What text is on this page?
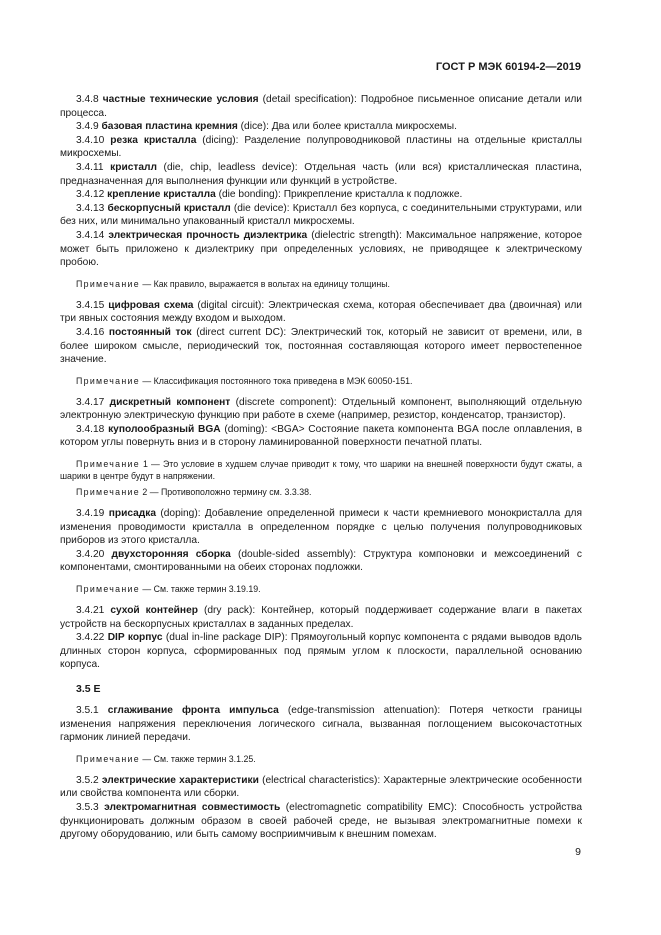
ГОСТ Р МЭК 60194-2—2019

3.4.8 частные технические условия (detail specification): Подробное письменное описание детали или процесса.

3.4.9 базовая пластина кремния (dice): Два или более кристалла микросхемы.

3.4.10 резка кристалла (dicing): Разделение полупроводниковой пластины на отдельные кристаллы микросхемы.

3.4.11 кристалл (die, chip, leadless device): Отдельная часть (или вся) кристаллическая пластина, предназначенная для выполнения функции или функций в устройстве.

3.4.12 крепление кристалла (die bonding): Прикрепление кристалла к подложке.

3.4.13 бескорпусный кристалл (die device): Кристалл без корпуса, с соединительными структурами, или без них, или минимально упакованный кристалл микросхемы.

3.4.14 электрическая прочность диэлектрика (dielectric strength): Максимальное напряжение, которое может быть приложено к диэлектрику при определенных условиях, не приводящее к электрическому пробою.

Примечание — Как правило, выражается в вольтах на единицу толщины.

3.4.15 цифровая схема (digital circuit): Электрическая схема, которая обеспечивает два (двоичная) или три явных состояния между входом и выходом.

3.4.16 постоянный ток (direct current DC): Электрический ток, который не зависит от времени, или, в более широком смысле, периодический ток, постоянная составляющая которого имеет первостепенное значение.

Примечание — Классификация постоянного тока приведена в МЭК 60050-151.

3.4.17 дискретный компонент (discrete component): Отдельный компонент, выполняющий отдельную электронную электрическую функцию при работе в схеме (например, резистор, конденсатор, транзистор).

3.4.18 куполообразный BGA (doming): <BGA> Состояние пакета компонента BGA после оплавления, в котором углы повернуть вниз и в сторону ламинированной поверхности печатной платы.

Примечание 1 — Это условие в худшем случае приводит к тому, что шарики на внешней поверхности будут сжаты, а шарики в центре будут в напряжении.

Примечание 2 — Противоположно термину см. 3.3.38.

3.4.19 присадка (doping): Добавление определенной примеси к части кремниевого монокристалла для изменения проводимости кристалла в определенном порядке с целью получения полупроводниковых приборов из этого кристалла.

3.4.20 двухсторонняя сборка (double-sided assembly): Структура компоновки и межсоединений с компонентами, смонтированными на обеих сторонах подложки.

Примечание — См. также термин 3.19.19.

3.4.21 сухой контейнер (dry pack): Контейнер, который поддерживает содержание влаги в пакетах устройств на бескорпусных кристаллах в заданных пределах.

3.4.22 DIP корпус (dual in-line package DIP): Прямоугольный корпус компонента с рядами выводов вдоль длинных сторон корпуса, сформированных под прямым углом к плоскости, параллельной основанию корпуса.

3.5 Е

3.5.1 сглаживание фронта импульса (edge-transmission attenuation): Потеря четкости границы изменения напряжения переключения логического сигнала, вызванная поглощением высокочастотных гармоник линией передачи.

Примечание — См. также термин 3.1.25.

3.5.2 электрические характеристики (electrical characteristics): Характерные электрические особенности или свойства компонента или сборки.

3.5.3 электромагнитная совместимость (electromagnetic compatibility EMC): Способность устройства функционировать должным образом в своей рабочей среде, не вызывая электромагнитные помехи к другому оборудованию, или быть самому восприимчивым к внешним помехам.

9
